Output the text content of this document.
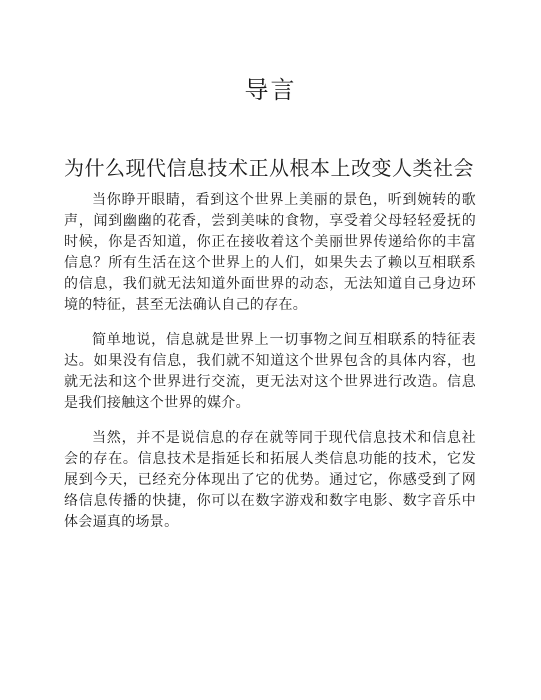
导言
为什么现代信息技术正从根本上改变人类社会

当你睁开眼睛，看到这个世界上美丽的景色，听到婉转的歌声，闻到幽幽的花香，尝到美味的食物，享受着父母轻轻爱抚的时候，你是否知道，你正在接收着这个美丽世界传递给你的丰富信息？所有生活在这个世界上的人们，如果失去了赖以互相联系的信息，我们就无法知道外面世界的动态，无法知道自己身边环境的特征，甚至无法确认自己的存在。

简单地说，信息就是世界上一切事物之间互相联系的特征表达。如果没有信息，我们就不知道这个世界包含的具体内容，也就无法和这个世界进行交流，更无法对这个世界进行改造。信息是我们接触这个世界的媒介。

当然，并不是说信息的存在就等同于现代信息技术和信息社会的存在。信息技术是指延长和拓展人类信息功能的技术，它发展到今天，已经充分体现出了它的优势。通过它，你感受到了网络信息传播的快捷，你可以在数字游戏和数字电影、数字音乐中体会逼真的场景。
